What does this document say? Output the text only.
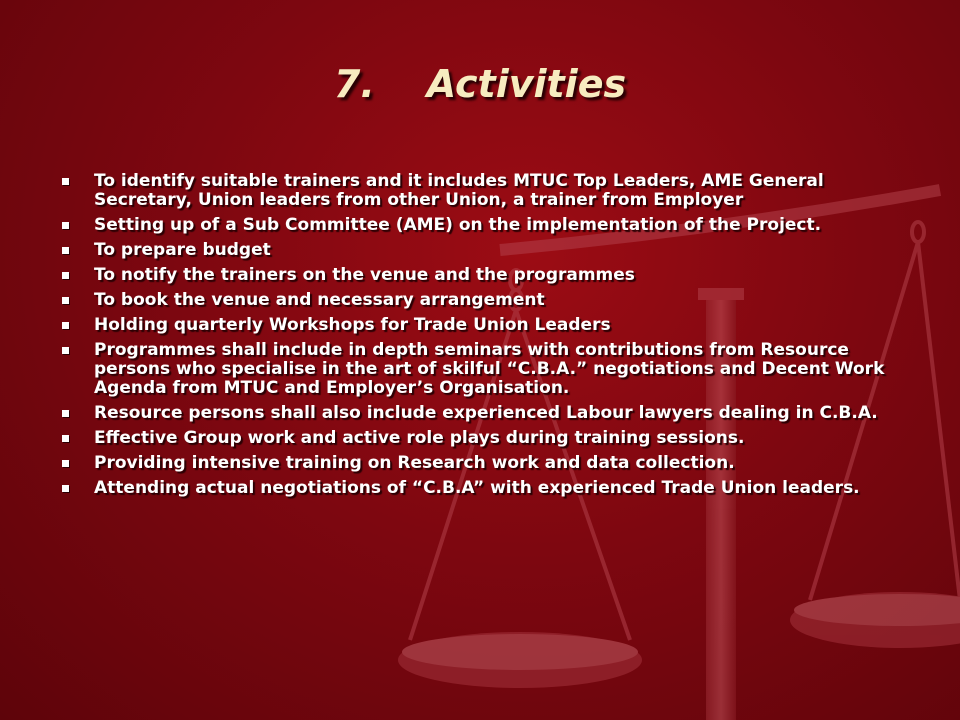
7. Activities
To identify suitable trainers and it includes MTUC Top Leaders, AME General Secretary, Union leaders from other Union, a trainer from Employer
Setting up of a Sub Committee (AME) on the implementation of the Project.
To prepare budget
To notify the trainers on the venue and the programmes
To book the venue and necessary arrangement
Holding quarterly Workshops for Trade Union Leaders
Programmes shall include in depth seminars with contributions from Resource persons who specialise in the art of skilful “C.B.A.” negotiations and Decent Work Agenda from MTUC and Employer’s Organisation.
Resource persons shall also include experienced Labour lawyers dealing in C.B.A.
Effective Group work and active role plays during training sessions.
Providing intensive training on Research work and data collection.
Attending actual negotiations of “C.B.A” with experienced Trade Union leaders.
